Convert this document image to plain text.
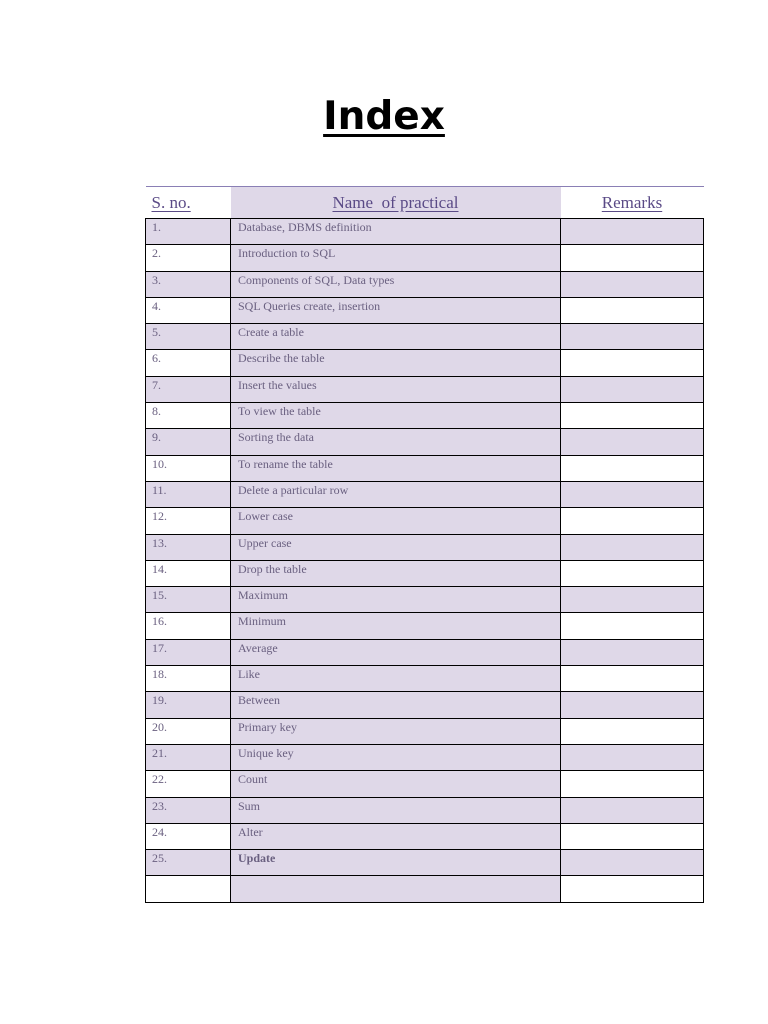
Index
S. no.	Name  of practical	Remarks
1.	Database, DBMS definition	
2.	Introduction to SQL	
3.	Components of SQL, Data types	
4.	SQL Queries create, insertion	
5.	Create a table	
6.	Describe the table	
7.	Insert the values	
8.	To view the table	
9.	Sorting the data	
10.	To rename the table	
11.	Delete a particular row	
12.	Lower case	
13.	Upper case	
14.	Drop the table	
15.	Maximum	
16.	Minimum	
17.	Average	
18.	Like	
19.	Between	
20.	Primary key	
21.	Unique key	
22.	Count	
23.	Sum	
24.	Alter	
25.	Update	
